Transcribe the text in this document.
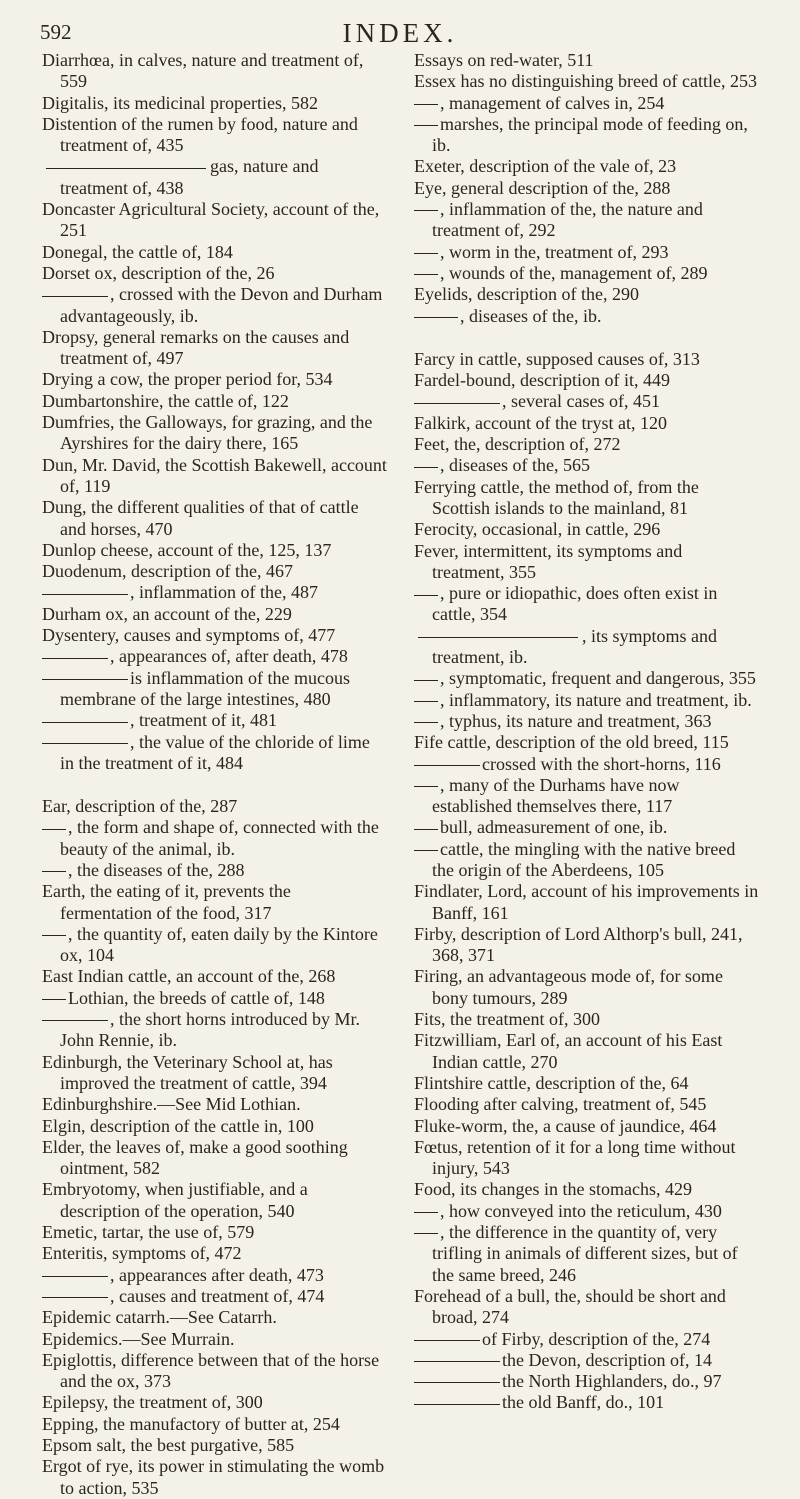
592	INDEX.

Diarrhœa, in calves, nature and treatment of, 559

Digitalis, its medicinal properties, 582

Distention of the rumen by food, nature and treatment of, 435

gas, nature and treatment of, 438

Doncaster Agricultural Society, account of the, 251

Donegal, the cattle of, 184

Dorset ox, description of the, 26

, crossed with the Devon and Durham advantageously, ib.

Dropsy, general remarks on the causes and treatment of, 497

Drying a cow, the proper period for, 534

Dumbartonshire, the cattle of, 122

Dumfries, the Galloways, for grazing, and the Ayrshires for the dairy there, 165

Dun, Mr. David, the Scottish Bakewell, account of, 119

Dung, the different qualities of that of cattle and horses, 470

Dunlop cheese, account of the, 125, 137

Duodenum, description of the, 467

, inflammation of the, 487

Durham ox, an account of the, 229

Dysentery, causes and symptoms of, 477

, appearances of, after death, 478

is inflammation of the mucous membrane of the large intestines, 480

, treatment of it, 481

, the value of the chloride of lime in the treatment of it, 484

Ear, description of the, 287

, the form and shape of, connected with the beauty of the animal, ib.

, the diseases of the, 288

Earth, the eating of it, prevents the fermentation of the food, 317

, the quantity of, eaten daily by the Kintore ox, 104

East Indian cattle, an account of the, 268

Lothian, the breeds of cattle of, 148

, the short horns introduced by Mr. John Rennie, ib.

Edinburgh, the Veterinary School at, has improved the treatment of cattle, 394

Edinburghshire.—See Mid Lothian.

Elgin, description of the cattle in, 100

Elder, the leaves of, make a good soothing ointment, 582

Embryotomy, when justifiable, and a description of the operation, 540

Emetic, tartar, the use of, 579

Enteritis, symptoms of, 472

, appearances after death, 473

, causes and treatment of, 474

Epidemic catarrh.—See Catarrh.

Epidemics.—See Murrain.

Epiglottis, difference between that of the horse and the ox, 373

Epilepsy, the treatment of, 300

Epping, the manufactory of butter at, 254

Epsom salt, the best purgative, 585

Ergot of rye, its power in stimulating the womb to action, 535

Essays on red-water, 511

Essex has no distinguishing breed of cattle, 253

, management of calves in, 254

marshes, the principal mode of feeding on, ib.

Exeter, description of the vale of, 23

Eye, general description of the, 288

, inflammation of the, the nature and treatment of, 292

, worm in the, treatment of, 293

, wounds of the, management of, 289

Eyelids, description of the, 290

, diseases of the, ib.

Farcy in cattle, supposed causes of, 313

Fardel-bound, description of it, 449

, several cases of, 451

Falkirk, account of the tryst at, 120

Feet, the, description of, 272

, diseases of the, 565

Ferrying cattle, the method of, from the Scottish islands to the mainland, 81

Ferocity, occasional, in cattle, 296

Fever, intermittent, its symptoms and treatment, 355

, pure or idiopathic, does often exist in cattle, 354

, its symptoms and treatment, ib.

, symptomatic, frequent and dangerous, 355

, inflammatory, its nature and treatment, ib.

, typhus, its nature and treatment, 363

Fife cattle, description of the old breed, 115

crossed with the short-horns, 116

, many of the Durhams have now established themselves there, 117

bull, admeasurement of one, ib.

cattle, the mingling with the native breed the origin of the Aberdeens, 105

Findlater, Lord, account of his improvements in Banff, 161

Firby, description of Lord Althorp's bull, 241, 368, 371

Firing, an advantageous mode of, for some bony tumours, 289

Fits, the treatment of, 300

Fitzwilliam, Earl of, an account of his East Indian cattle, 270

Flintshire cattle, description of the, 64

Flooding after calving, treatment of, 545

Fluke-worm, the, a cause of jaundice, 464

Fœtus, retention of it for a long time without injury, 543

Food, its changes in the stomachs, 429

, how conveyed into the reticulum, 430

, the difference in the quantity of, very trifling in animals of different sizes, but of the same breed, 246

Forehead of a bull, the, should be short and broad, 274

of Firby, description of the, 274

the Devon, description of, 14

the North Highlanders, do., 97

the old Banff, do., 101
